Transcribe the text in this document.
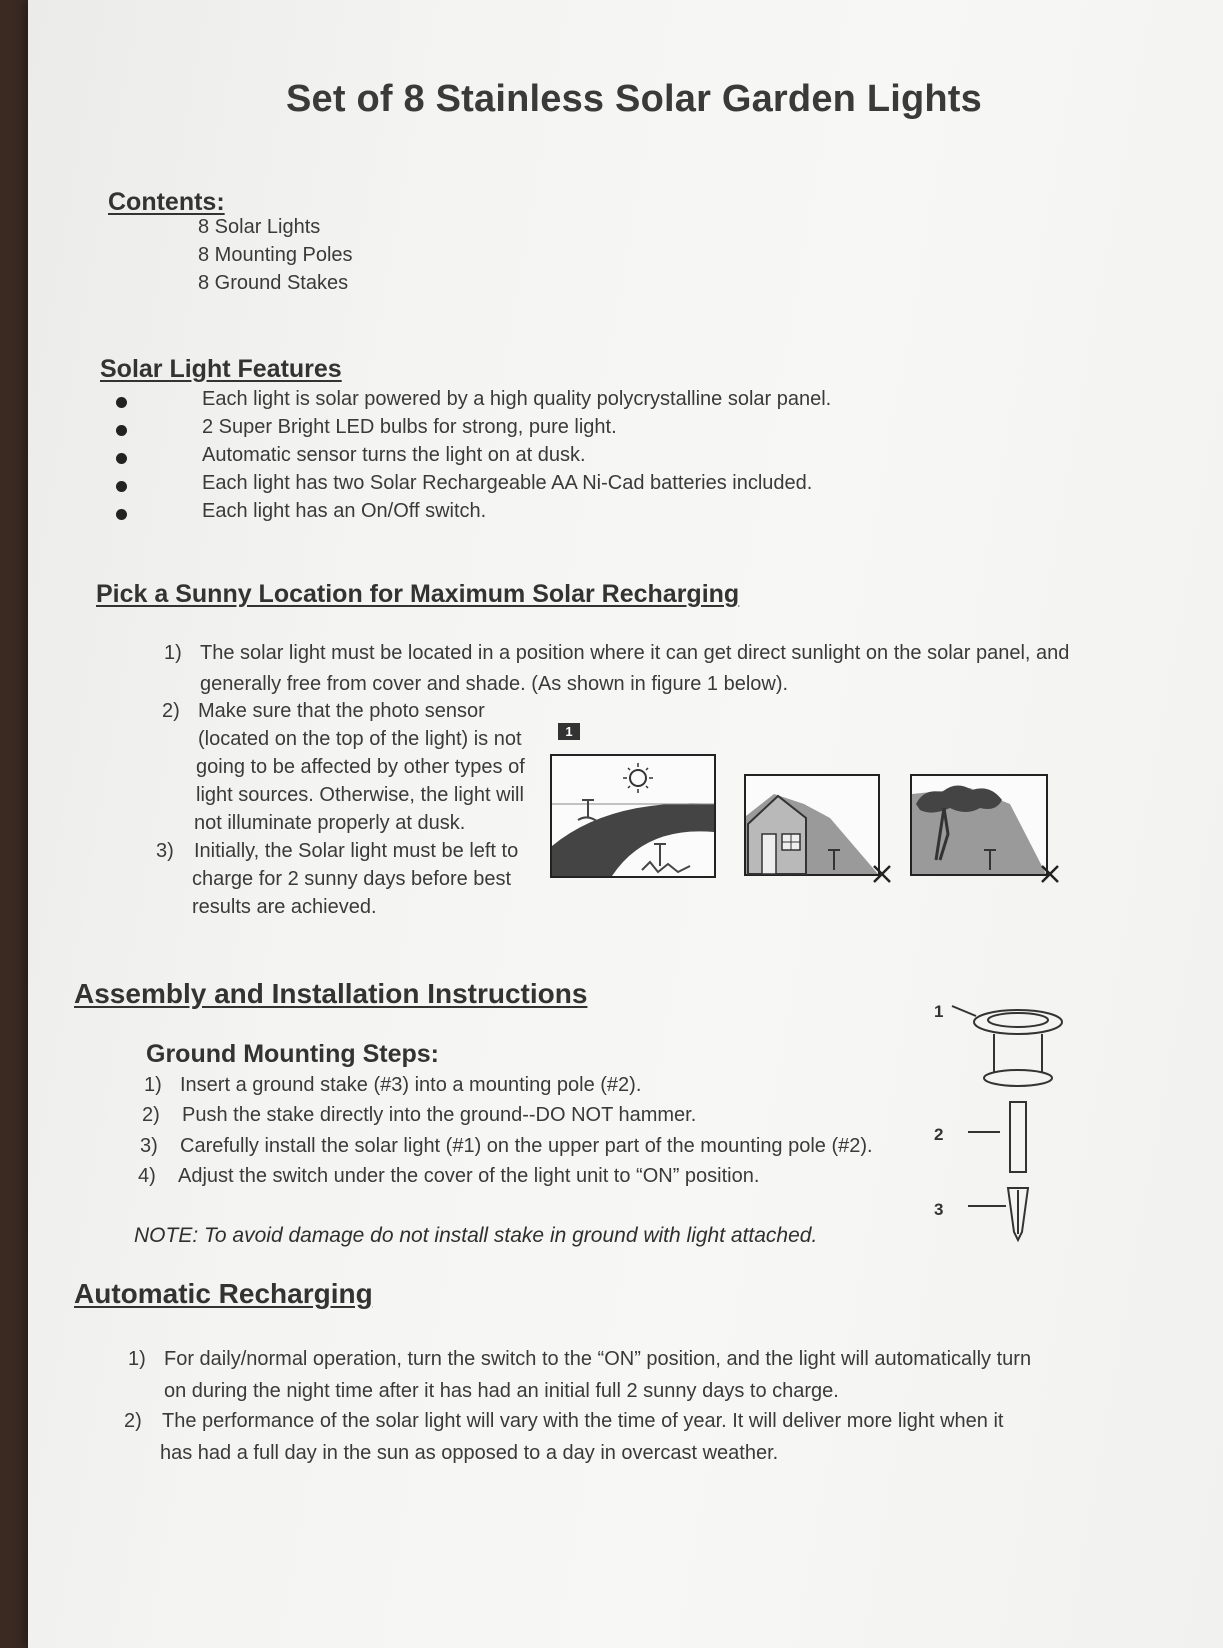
Set of 8 Stainless Solar Garden Lights
Contents:
8 Solar Lights
8 Mounting Poles
8 Ground Stakes
Solar Light Features
Each light is solar powered by a high quality polycrystalline solar panel.
2 Super Bright LED bulbs for strong, pure light.
Automatic sensor turns the light on at dusk.
Each light has two Solar Rechargeable AA Ni-Cad batteries included.
Each light has an On/Off switch.
Pick a Sunny Location for Maximum Solar Recharging
1) The solar light must be located in a position where it can get direct sunlight on the solar panel, and
generally free from cover and shade. (As shown in figure 1 below).
2) Make sure that the photo sensor
(located on the top of the light) is not
going to be affected by other types of
light sources. Otherwise, the light will
not illuminate properly at dusk.
3) Initially, the Solar light must be left to
charge for 2 sunny days before best
results are achieved.
1
Assembly and Installation Instructions
Ground Mounting Steps:
1) Insert a ground stake (#3) into a mounting pole (#2).
2) Push the stake directly into the ground--DO NOT hammer.
3) Carefully install the solar light (#1) on the upper part of the mounting pole (#2).
4) Adjust the switch under the cover of the light unit to “ON” position.
NOTE: To avoid damage do not install stake in ground with light attached.
1
2
3
Automatic Recharging
1) For daily/normal operation, turn the switch to the “ON” position, and the light will automatically turn
on during the night time after it has had an initial full 2 sunny days to charge.
2) The performance of the solar light will vary with the time of year. It will deliver more light when it
has had a full day in the sun as opposed to a day in overcast weather.
